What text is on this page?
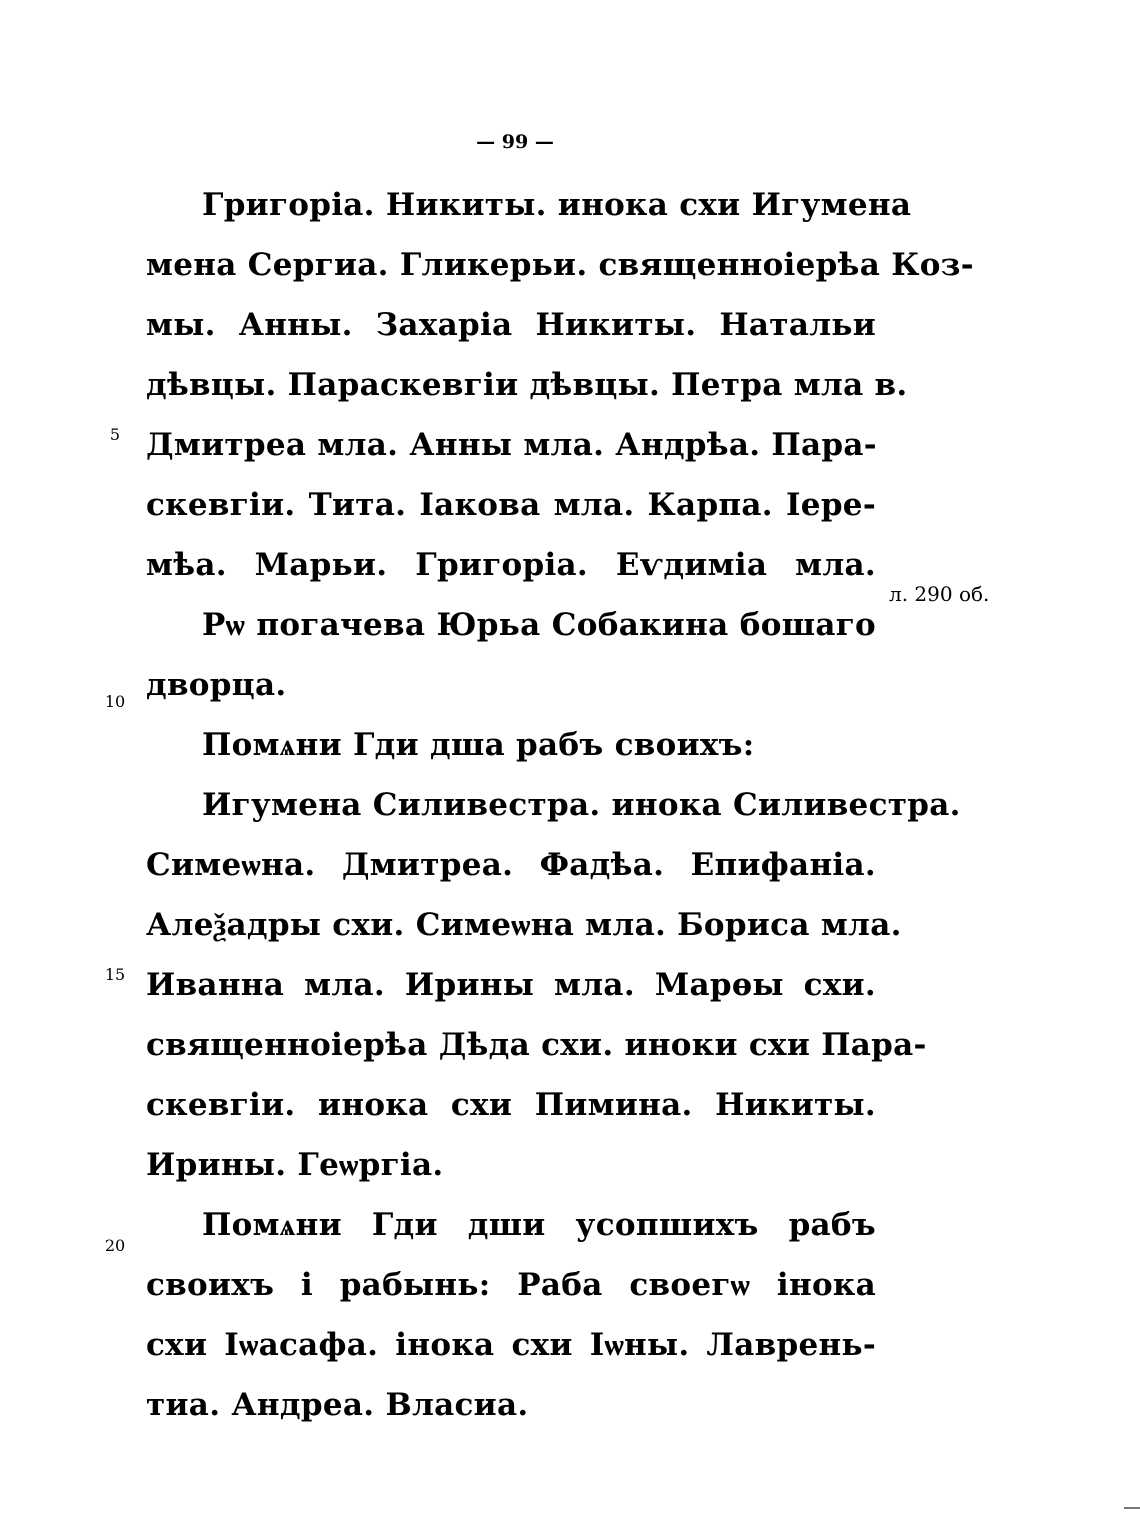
— 99 —
Григоріа. Никиты. инока схи Игумена
мена Сергиа. Гликерьи. священноіерѣа Коз-
мы. Анны. Захаріа Никиты. Натальи
дѣвцы. Параскевгіи дѣвцы. Петра мла в.
Дмитреа мла. Анны мла. Андрѣа. Пара-
скевгіи. Тита. Іакова мла. Карпа. Іере-
мѣа. Марьи. Григоріа. Еѵдиміа мла.
Рѡ погачева Юрьа Собакина бошаго
дворца.
Помѧни Гди дша рабъ своихъ:
Игумена Силивестра. инока Силивестра.
Симеѡна. Дмитреа. Фадѣа. Епифаніа.
Алеѯадры схи. Симеѡна мла. Бориса мла.
Иванна мла. Ирины мла. Марѳы схи.
священноіерѣа Дѣда схи. иноки схи Пара-
скевгіи. инока схи Пимина. Никиты.
Ирины. Геѡргіа.
Помѧни Гди дши усопшихъ рабъ
своихъ і рабынь: Раба своегѡ інока
схи Іѡасафа. інока схи Іѡны. Лаврень-
тиа. Андреа. Власиа.
5
10
15
20
л. 290 об.
